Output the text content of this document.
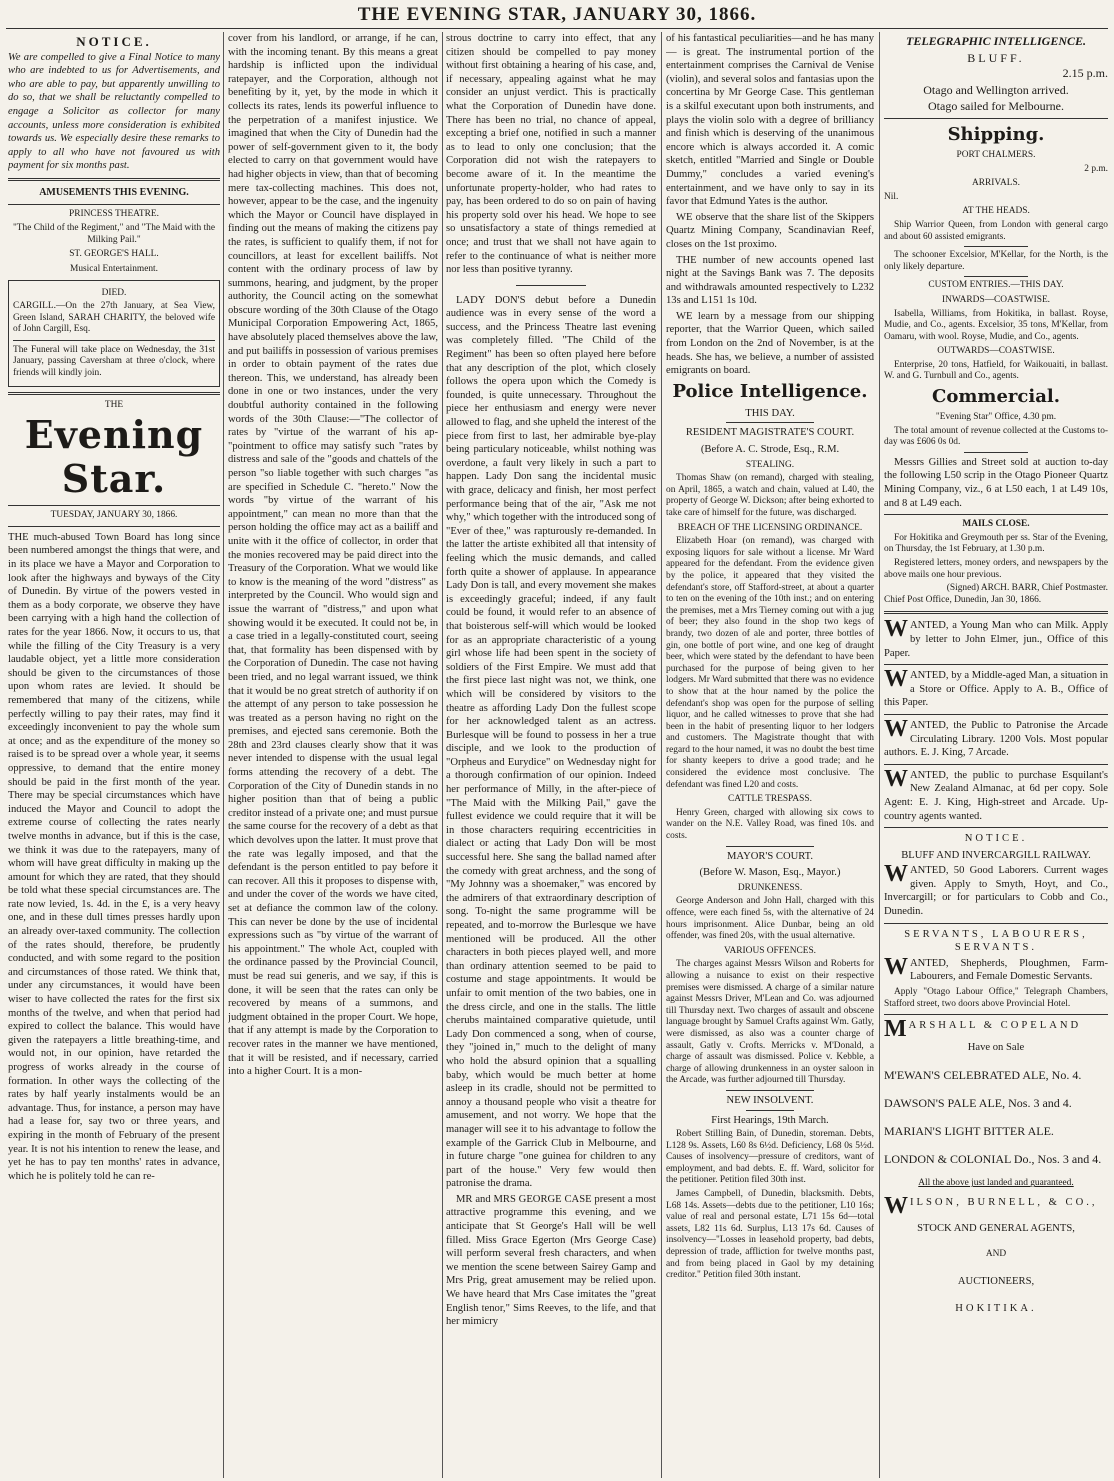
THE EVENING STAR, JANUARY 30, 1866.
NOTICE.

We are compelled to give a Final Notice to many who are indebted to us for Advertisements, and who are able to pay, but apparently unwilling to do so, that we shall be reluctantly compelled to engage a Solicitor as collector for many accounts, unless more consideration is exhibited towards us. We especially desire these remarks to apply to all who have not favoured us with payment for six months past.

AMUSEMENTS THIS EVENING.
PRINCESS THEATRE.
"The Child of the Regiment," and "The Maid with the Milking Pail."
ST. GEORGE'S HALL.
Musical Entertainment.
DIED.

CARGILL.—On the 27th January, at Sea View, Green Island, SARAH CHARITY, the beloved wife of John Cargill, Esq.

The Funeral will take place on Wednesday, the 31st January, passing Caversham at three o'clock, where friends will kindly join.

THE
Evening Star.
TUESDAY, JANUARY 30, 1866.

THE much-abused Town Board has long since been numbered amongst the things that were, and in its place we have a Mayor and Corporation to look after the highways and byways of the City of Dunedin. By virtue of the powers vested in them as a body corporate, we observe they have been carrying with a high hand the collection of rates for the year 1866. Now, it occurs to us, that while the filling of the City Treasury is a very laudable object, yet a little more consideration should be given to the circumstances of those upon whom rates are levied. It should be remembered that many of the citizens, while perfectly willing to pay their rates, may find it exceedingly inconvenient to pay the whole sum at once; and as the expenditure of the money so raised is to be spread over a whole year, it seems oppressive, to demand that the entire money should be paid in the first month of the year. There may be special circumstances which have induced the Mayor and Council to adopt the extreme course of collecting the rates nearly twelve months in advance, but if this is the case, we think it was due to the ratepayers, many of whom will have great difficulty in making up the amount for which they are rated, that they should be told what these special circumstances are. The rate now levied, 1s. 4d. in the £, is a very heavy one, and in these dull times presses hardly upon an already over-taxed community. The collection of the rates should, therefore, be prudently conducted, and with some regard to the position and circumstances of those rated. We think that, under any circumstances, it would have been wiser to have collected the rates for the first six months of the twelve, and when that period had expired to collect the balance. This would have given the ratepayers a little breathing-time, and would not, in our opinion, have retarded the progress of works already in the course of formation. In other ways the collecting of the rates by half yearly instalments would be an advantage. Thus, for instance, a person may have had a lease for, say two or three years, and expiring in the month of February of the present year. It is not his intention to renew the lease, and yet he has to pay ten months' rates in advance, which he is politely told he can re-

cover from his landlord, or arrange, if he can, with the incoming tenant. By this means a great hardship is inflicted upon the individual ratepayer, and the Corporation, although not benefiting by it, yet, by the mode in which it collects its rates, lends its powerful influence to the perpetration of a manifest injustice. We imagined that when the City of Dunedin had the power of self-government given to it, the body elected to carry on that government would have had higher objects in view, than that of becoming mere tax-collecting machines. This does not, however, appear to be the case, and the ingenuity which the Mayor or Council have displayed in finding out the means of making the citizens pay the rates, is sufficient to qualify them, if not for councillors, at least for excellent bailiffs. Not content with the ordinary process of law by summons, hearing, and judgment, by the proper authority, the Council acting on the somewhat obscure wording of the 30th Clause of the Otago Municipal Corporation Empowering Act, 1865, have absolutely placed themselves above the law, and put bailiffs in possession of various premises in order to obtain payment of the rates due thereon. This, we understand, has already been done in one or two instances, under the very doubtful authority contained in the following words of the 30th Clause:—"The collector of rates by "virtue of the warrant of his ap-"pointment to office may satisfy such "rates by distress and sale of the "goods and chattels of the person "so liable together with such charges "as are specified in Schedule C. "hereto." Now the words "by virtue of the warrant of his appointment," can mean no more than that the person holding the office may act as a bailiff and unite with it the office of collector, in order that the monies recovered may be paid direct into the Treasury of the Corporation. What we would like to know is the meaning of the word "distress" as interpreted by the Council. Who would sign and issue the warrant of "distress," and upon what showing would it be executed. It could not be, in a case tried in a legally-constituted court, seeing that, that formality has been dispensed with by the Corporation of Dunedin. The case not having been tried, and no legal warrant issued, we think that it would be no great stretch of authority if on the attempt of any person to take possession he was treated as a person having no right on the premises, and ejected sans ceremonie. Both the 28th and 23rd clauses clearly show that it was never intended to dispense with the usual legal forms attending the recovery of a debt. The Corporation of the City of Dunedin stands in no higher position than that of being a public creditor instead of a private one; and must pursue the same course for the recovery of a debt as that which devolves upon the latter. It must prove that the rate was legally imposed, and that the defendant is the person entitled to pay before it can recover. All this it proposes to dispense with, and under the cover of the words we have cited, set at defiance the common law of the colony. This can never be done by the use of incidental expressions such as "by virtue of the warrant of his appointment." The whole Act, coupled with the ordinance passed by the Provincial Council, must be read sui generis, and we say, if this is done, it will be seen that the rates can only be recovered by means of a summons, and judgment obtained in the proper Court. We hope, that if any attempt is made by the Corporation to recover rates in the manner we have mentioned, that it will be resisted, and if necessary, carried into a higher Court. It is a mon-

strous doctrine to carry into effect, that any citizen should be compelled to pay money without first obtaining a hearing of his case, and, if necessary, appealing against what he may consider an unjust verdict. This is practically what the Corporation of Dunedin have done. There has been no trial, no chance of appeal, excepting a brief one, notified in such a manner as to lead to only one conclusion; that the Corporation did not wish the ratepayers to become aware of it. In the meantime the unfortunate property-holder, who had rates to pay, has been ordered to do so on pain of having his property sold over his head. We hope to see so unsatisfactory a state of things remedied at once; and trust that we shall not have again to refer to the continuance of what is neither more nor less than positive tyranny.

LADY DON'S debut before a Dunedin audience was in every sense of the word a success, and the Princess Theatre last evening was completely filled. "The Child of the Regiment" has been so often played here before that any description of the plot, which closely follows the opera upon which the Comedy is founded, is quite unnecessary. Throughout the piece her enthusiasm and energy were never allowed to flag, and she upheld the interest of the piece from first to last, her admirable bye-play being particulary noticeable, whilst nothing was overdone, a fault very likely in such a part to happen. Lady Don sang the incidental music with grace, delicacy and finish, her most perfect performance being that of the air, "Ask me not why," which together with the introduced song of "Ever of thee," was rapturously re-demanded. In the latter the artiste exhibited all that intensity of feeling which the music demands, and called forth quite a shower of applause. In appearance Lady Don is tall, and every movement she makes is exceedingly graceful; indeed, if any fault could be found, it would refer to an absence of that boisterous self-will which would be looked for as an appropriate characteristic of a young girl whose life had been spent in the society of soldiers of the First Empire. We must add that the first piece last night was not, we think, one which will be considered by visitors to the theatre as affording Lady Don the fullest scope for her acknowledged talent as an actress. Burlesque will be found to possess in her a true disciple, and we look to the production of "Orpheus and Eurydice" on Wednesday night for a thorough confirmation of our opinion. Indeed her performance of Milly, in the after-piece of "The Maid with the Milking Pail," gave the fullest evidence we could require that it will be in those characters requiring eccentricities in dialect or acting that Lady Don will be most successful here. She sang the ballad named after the comedy with great archness, and the song of "My Johnny was a shoemaker," was encored by the admirers of that extraordinary description of song. To-night the same programme will be repeated, and to-morrow the Burlesque we have mentioned will be produced. All the other characters in both pieces played well, and more than ordinary attention seemed to be paid to costume and stage appointments. It would be unfair to omit mention of the two babies, one in the dress circle, and one in the stalls. The little cherubs maintained comparative quietude, until Lady Don commenced a song, when of course, they "joined in," much to the delight of many who hold the absurd opinion that a squalling baby, which would be much better at home asleep in its cradle, should not be permitted to annoy a thousand people who visit a theatre for amusement, and not worry. We hope that the manager will see it to his advantage to follow the example of the Garrick Club in Melbourne, and in future charge "one guinea for children to any part of the house." Very few would then patronise the drama.

MR and MRS GEORGE CASE present a most attractive programme this evening, and we anticipate that St George's Hall will be well filled. Miss Grace Egerton (Mrs George Case) will perform several fresh characters, and when we mention the scene between Sairey Gamp and Mrs Prig, great amusement may be relied upon. We have heard that Mrs Case imitates the "great English tenor," Sims Reeves, to the life, and that her mimicry

of his fantastical peculiarities—and he has many — is great. The instrumental portion of the entertainment comprises the Carnival de Venise (violin), and several solos and fantasias upon the concertina by Mr George Case. This gentleman is a skilful executant upon both instruments, and plays the violin solo with a degree of brilliancy and finish which is deserving of the unanimous encore which is always accorded it. A comic sketch, entitled "Married and Single or Double Dummy," concludes a varied evening's entertainment, and we have only to say in its favor that Edmund Yates is the author.

WE observe that the share list of the Skippers Quartz Mining Company, Scandinavian Reef, closes on the 1st proximo.

THE number of new accounts opened last night at the Savings Bank was 7. The deposits and withdrawals amounted respectively to L232 13s and L151 1s 10d.

WE learn by a message from our shipping reporter, that the Warrior Queen, which sailed from London on the 2nd of November, is at the heads. She has, we believe, a number of assisted emigrants on board.

Police Intelligence.
THIS DAY.
RESIDENT MAGISTRATE'S COURT.
(Before A. C. Strode, Esq., R.M.
STEALING.

Thomas Shaw (on remand), charged with stealing, on April, 1865, a watch and chain, valued at L40, the property of George W. Dickson; after being exhorted to take care of himself for the future, was discharged.

BREACH OF THE LICENSING ORDINANCE.

Elizabeth Hoar (on remand), was charged with exposing liquors for sale without a license. Mr Ward appeared for the defendant. From the evidence given by the police, it appeared that they visited the defendant's store, off Stafford-street, at about a quarter to ten on the evening of the 10th inst.; and on entering the premises, met a Mrs Tierney coming out with a jug of beer; they also found in the shop two kegs of brandy, two dozen of ale and porter, three bottles of gin, one bottle of port wine, and one keg of draught beer, which were stated by the defendant to have been purchased for the purpose of being given to her lodgers. Mr Ward submitted that there was no evidence to show that at the hour named by the police the defendant's shop was open for the purpose of selling liquor, and he called witnesses to prove that she had been in the habit of presenting liquor to her lodgers and customers. The Magistrate thought that with regard to the hour named, it was no doubt the best time for shanty keepers to drive a good trade; and he considered the evidence most conclusive. The defendant was fined L20 and costs.

CATTLE TRESPASS.

Henry Green, charged with allowing six cows to wander on the N.E. Valley Road, was fined 10s. and costs.

MAYOR'S COURT.
(Before W. Mason, Esq., Mayor.)
DRUNKENESS.

George Anderson and John Hall, charged with this offence, were each fined 5s, with the alternative of 24 hours imprisonment. Alice Dunbar, being an old offender, was fined 20s, with the usual alternative.

VARIOUS OFFENCES.

The charges against Messrs Wilson and Roberts for allowing a nuisance to exist on their respective premises were dismissed. A charge of a similar nature against Messrs Driver, M'Lean and Co. was adjourned till Thursday next. Two charges of assault and obscene language brought by Samuel Crafts against Wm. Gatly, were dismissed, as also was a counter charge of assault, Gatly v. Crofts. Merricks v. M'Donald, a charge of assault was dismissed. Police v. Kebble, a charge of allowing drunkenness in an oyster saloon in the Arcade, was further adjourned till Thursday.

NEW INSOLVENT.
First Hearings, 19th March.

Robert Stilling Bain, of Dunedin, storeman. Debts, L128 9s. Assets, L60 8s 6½d. Deficiency, L68 0s 5½d. Causes of insolvency—pressure of creditors, want of employment, and bad debts. E. ff. Ward, solicitor for the petitioner. Petition filed 30th inst.

James Campbell, of Dunedin, blacksmith. Debts, L68 14s. Assets—debts due to the petitioner, L10 16s; value of real and personal estate, L71 15s 6d—total assets, L82 11s 6d. Surplus, L13 17s 6d. Causes of insolvency—"Losses in leasehold property, bad debts, depression of trade, affliction for twelve months past, and from being placed in Gaol by my detaining creditor." Petition filed 30th instant.

TELEGRAPHIC INTELLIGENCE.
BLUFF.
2.15 p.m.
Otago and Wellington arrived.
Otago sailed for Melbourne.
Shipping.
PORT CHALMERS.
2 p.m.
ARRIVALS.
Nil.
AT THE HEADS.

Ship Warrior Queen, from London with general cargo and about 60 assisted emigrants.

The schooner Excelsior, M'Kellar, for the North, is the only likely departure.

CUSTOM ENTRIES.—THIS DAY.
INWARDS—COASTWISE.

Isabella, Williams, from Hokitika, in ballast. Royse, Mudie, and Co., agents. Excelsior, 35 tons, M'Kellar, from Oamaru, with wool. Royse, Mudie, and Co., agents.

OUTWARDS—COASTWISE.

Enterprise, 20 tons, Hatfield, for Waikouaiti, in ballast. W. and G. Turnbull and Co., agents.

Commercial.
"Evening Star" Office, 4.30 pm.

The total amount of revenue collected at the Customs to-day was £606 0s 0d.

Messrs Gillies and Street sold at auction to-day the following L50 scrip in the Otago Pioneer Quartz Mining Company, viz., 6 at L50 each, 1 at L49 10s, and 8 at L49 each.

MAILS CLOSE.

For Hokitika and Greymouth per ss. Star of the Evening, on Thursday, the 1st February, at 1.30 p.m.

Registered letters, money orders, and newspapers by the above mails one hour previous.

(Signed) ARCH. BARR, Chief Postmaster.
Chief Post Office, Dunedin, Jan 30, 1866.

WANTED, a Young Man who can Milk. Apply by letter to John Elmer, jun., Office of this Paper.

WANTED, by a Middle-aged Man, a situation in a Store or Office. Apply to A. B., Office of this Paper.

WANTED, the Public to Patronise the Arcade Circulating Library. 1200 Vols. Most popular authors. E. J. King, 7 Arcade.

WANTED, the public to purchase Esquilant's New Zealand Almanac, at 6d per copy. Sole Agent: E. J. King, High-street and Arcade. Up-country agents wanted.

NOTICE.
BLUFF AND INVERCARGILL RAILWAY.

WANTED, 50 Good Laborers. Current wages given. Apply to Smyth, Hoyt, and Co., Invercargill; or for particulars to Cobb and Co., Dunedin.

SERVANTS, LABOURERS, SERVANTS.

WANTED, Shepherds, Ploughmen, Farm-Labourers, and Female Domestic Servants.

Apply "Otago Labour Office," Telegraph Chambers, Stafford street, two doors above Provincial Hotel.

MARSHALL & COPELAND

Have on Sale

M'EWAN'S CELEBRATED ALE, No. 4.

DAWSON'S PALE ALE, Nos. 3 and 4.

MARIAN'S LIGHT BITTER ALE.

LONDON & COLONIAL Do., Nos. 3 and 4.

All the above just landed and guaranteed.

WILSON, BURNELL, & CO.,

STOCK AND GENERAL AGENTS,
AND
AUCTIONEERS,
HOKITIKA.
